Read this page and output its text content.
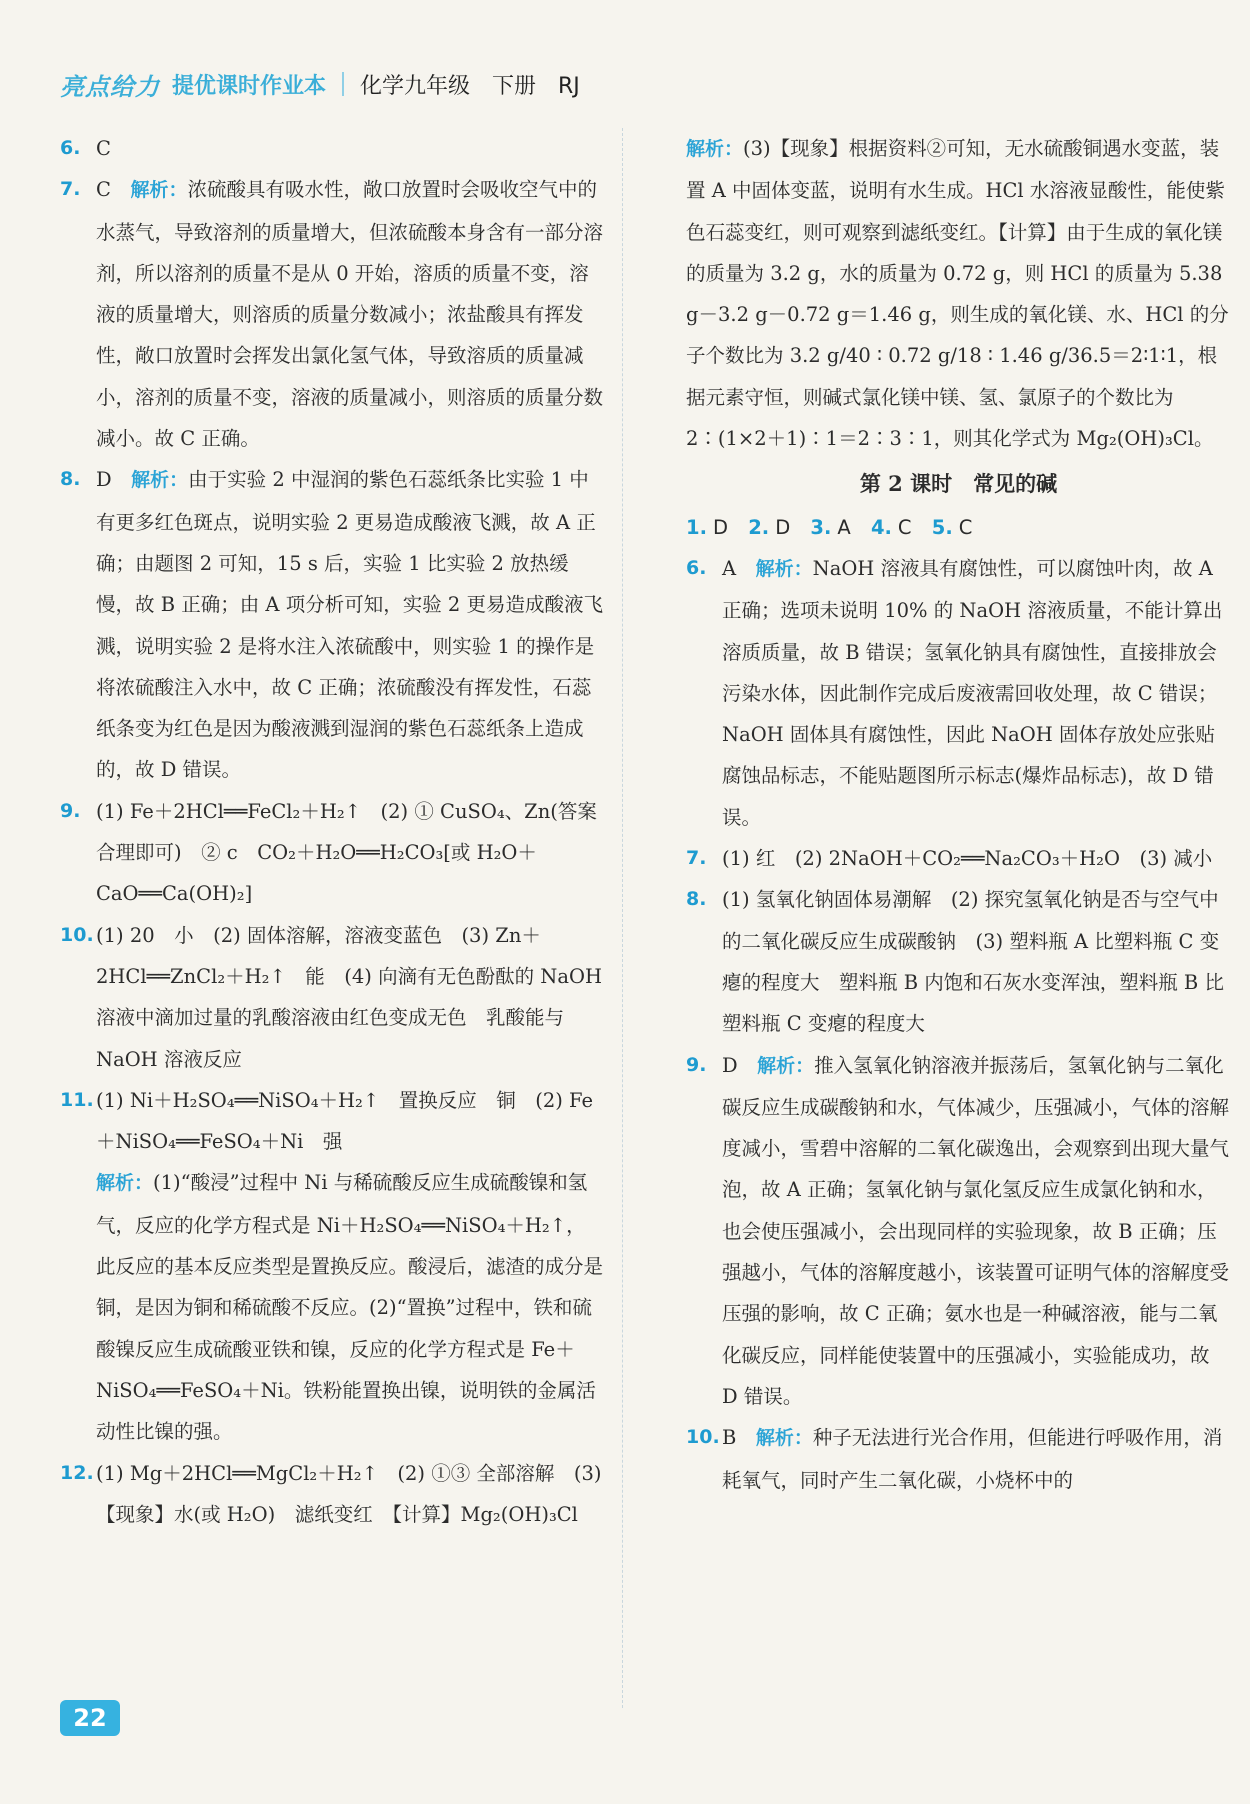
亮点给力 提优课时作业本 化学九年级　下册　RJ
6. C
7. C　 解析：浓硫酸具有吸水性，敞口放置时会吸收空气中的水蒸气，导致溶剂的质量增大，但浓硫酸本身含有一部分溶剂，所以溶剂的质量不是从 0 开始，溶质的质量不变，溶液的质量增大，则溶质的质量分数减小；浓盐酸具有挥发性，敞口放置时会挥发出氯化氢气体，导致溶质的质量减小，溶剂的质量不变，溶液的质量减小，则溶质的质量分数减小。故 C 正确。
8. D　 解析：由于实验 2 中湿润的紫色石蕊纸条比实验 1 中有更多红色斑点，说明实验 2 更易造成酸液飞溅，故 A 正确；由题图 2 可知，15 s 后，实验 1 比实验 2 放热缓慢，故 B 正确；由 A 项分析可知，实验 2 更易造成酸液飞溅，说明实验 2 是将水注入浓硫酸中，则实验 1 的操作是将浓硫酸注入水中，故 C 正确；浓硫酸没有挥发性，石蕊纸条变为红色是因为酸液溅到湿润的紫色石蕊纸条上造成的，故 D 错误。
9. (1) Fe＋2HCl══FeCl₂＋H₂↑　(2) ① CuSO₄、Zn(答案合理即可)　② c　CO₂＋H₂O══H₂CO₃[或 H₂O＋CaO══Ca(OH)₂]
10. (1) 20　小　(2) 固体溶解，溶液变蓝色　(3) Zn＋2HCl══ZnCl₂＋H₂↑　能　(4) 向滴有无色酚酞的 NaOH 溶液中滴加过量的乳酸溶液由红色变成无色　乳酸能与 NaOH 溶液反应
11. (1) Ni＋H₂SO₄══NiSO₄＋H₂↑　置换反应　铜　(2) Fe＋NiSO₄══FeSO₄＋Ni　强
解析：(1)“酸浸”过程中 Ni 与稀硫酸反应生成硫酸镍和氢气，反应的化学方程式是 Ni＋H₂SO₄══NiSO₄＋H₂↑，此反应的基本反应类型是置换反应。酸浸后，滤渣的成分是铜，是因为铜和稀硫酸不反应。(2)“置换”过程中，铁和硫酸镍反应生成硫酸亚铁和镍，反应的化学方程式是 Fe＋NiSO₄══FeSO₄＋Ni。铁粉能置换出镍，说明铁的金属活动性比镍的强。
12. (1) Mg＋2HCl══MgCl₂＋H₂↑　(2) ①③ 全部溶解　(3)【现象】水(或 H₂O)　滤纸变红　【计算】Mg₂(OH)₃Cl
解析：(3)【现象】根据资料②可知，无水硫酸铜遇水变蓝，装置 A 中固体变蓝，说明有水生成。HCl 水溶液显酸性，能使紫色石蕊变红，则可观察到滤纸变红。【计算】由于生成的氧化镁的质量为 3.2 g，水的质量为 0.72 g，则 HCl 的质量为 5.38 g－3.2 g－0.72 g＝1.46 g，则生成的氧化镁、水、HCl 的分子个数比为 3.2 g/40 ∶ 0.72 g/18 ∶ 1.46 g/36.5＝2∶1∶1，根据元素守恒，则碱式氯化镁中镁、氢、氯原子的个数比为 2∶(1×2＋1)∶1＝2∶3∶1，则其化学式为 Mg₂(OH)₃Cl。
第 2 课时　常见的碱
1. D 2. D 3. A 4. C 5. C
6. A　 解析：NaOH 溶液具有腐蚀性，可以腐蚀叶肉，故 A 正确；选项未说明 10% 的 NaOH 溶液质量，不能计算出溶质质量，故 B 错误；氢氧化钠具有腐蚀性，直接排放会污染水体，因此制作完成后废液需回收处理，故 C 错误；NaOH 固体具有腐蚀性，因此 NaOH 固体存放处应张贴腐蚀品标志，不能贴题图所示标志(爆炸品标志)，故 D 错误。
7. (1) 红　(2) 2NaOH＋CO₂══Na₂CO₃＋H₂O　(3) 减小
8. (1) 氢氧化钠固体易潮解　(2) 探究氢氧化钠是否与空气中的二氧化碳反应生成碳酸钠　(3) 塑料瓶 A 比塑料瓶 C 变瘪的程度大　塑料瓶 B 内饱和石灰水变浑浊，塑料瓶 B 比塑料瓶 C 变瘪的程度大
9. D　 解析：推入氢氧化钠溶液并振荡后，氢氧化钠与二氧化碳反应生成碳酸钠和水，气体减少，压强减小，气体的溶解度减小，雪碧中溶解的二氧化碳逸出，会观察到出现大量气泡，故 A 正确；氢氧化钠与氯化氢反应生成氯化钠和水，也会使压强减小，会出现同样的实验现象，故 B 正确；压强越小，气体的溶解度越小，该装置可证明气体的溶解度受压强的影响，故 C 正确；氨水也是一种碱溶液，能与二氧化碳反应，同样能使装置中的压强减小，实验能成功，故 D 错误。
10. B　 解析：种子无法进行光合作用，但能进行呼吸作用，消耗氧气，同时产生二氧化碳，小烧杯中的
22
